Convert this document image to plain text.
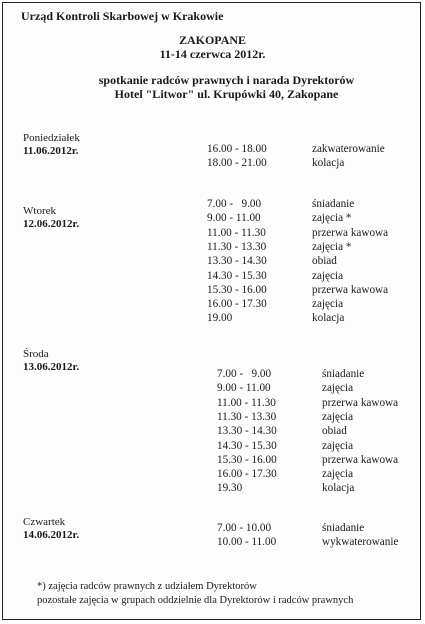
Urząd Kontroli Skarbowej w Krakowie
ZAKOPANE
11-14 czerwca 2012r.
spotkanie radców prawnych i narada Dyrektorów
Hotel "Litwor" ul. Krupówki 40, Zakopane
Poniedziałek
11.06.2012r.	16.00 - 18.00	zakwaterowanie
18.00 - 21.00	kolacja
Wtorek
12.06.2012r.
7.00 -   9.00	śniadanie
9.00 - 11.00	zajęcia *
11.00 - 11.30	przerwa kawowa
11.30 - 13.30	zajęcia *
13.30 - 14.30	obiad
14.30 - 15.30	zajęcia
15.30 - 16.00	przerwa kawowa
16.00 - 17.30	zajęcia
19.00	kolacja
Środa
13.06.2012r.
7.00 -   9.00	śniadanie
9.00 - 11.00	zajęcia
11.00 - 11.30	przerwa kawowa
11.30 - 13.30	zajęcia
13.30 - 14.30	obiad
14.30 - 15.30	zajęcia
15.30 - 16.00	przerwa kawowa
16.00 - 17.30	zajęcia
19.30	kolacja
Czwartek
14.06.2012r.
7.00 - 10.00	śniadanie
10.00 - 11.00	wykwaterowanie
*) zajęcia radców prawnych z udziałem Dyrektorów
pozostałe zajęcia w grupach oddzielnie dla Dyrektorów i radców prawnych
